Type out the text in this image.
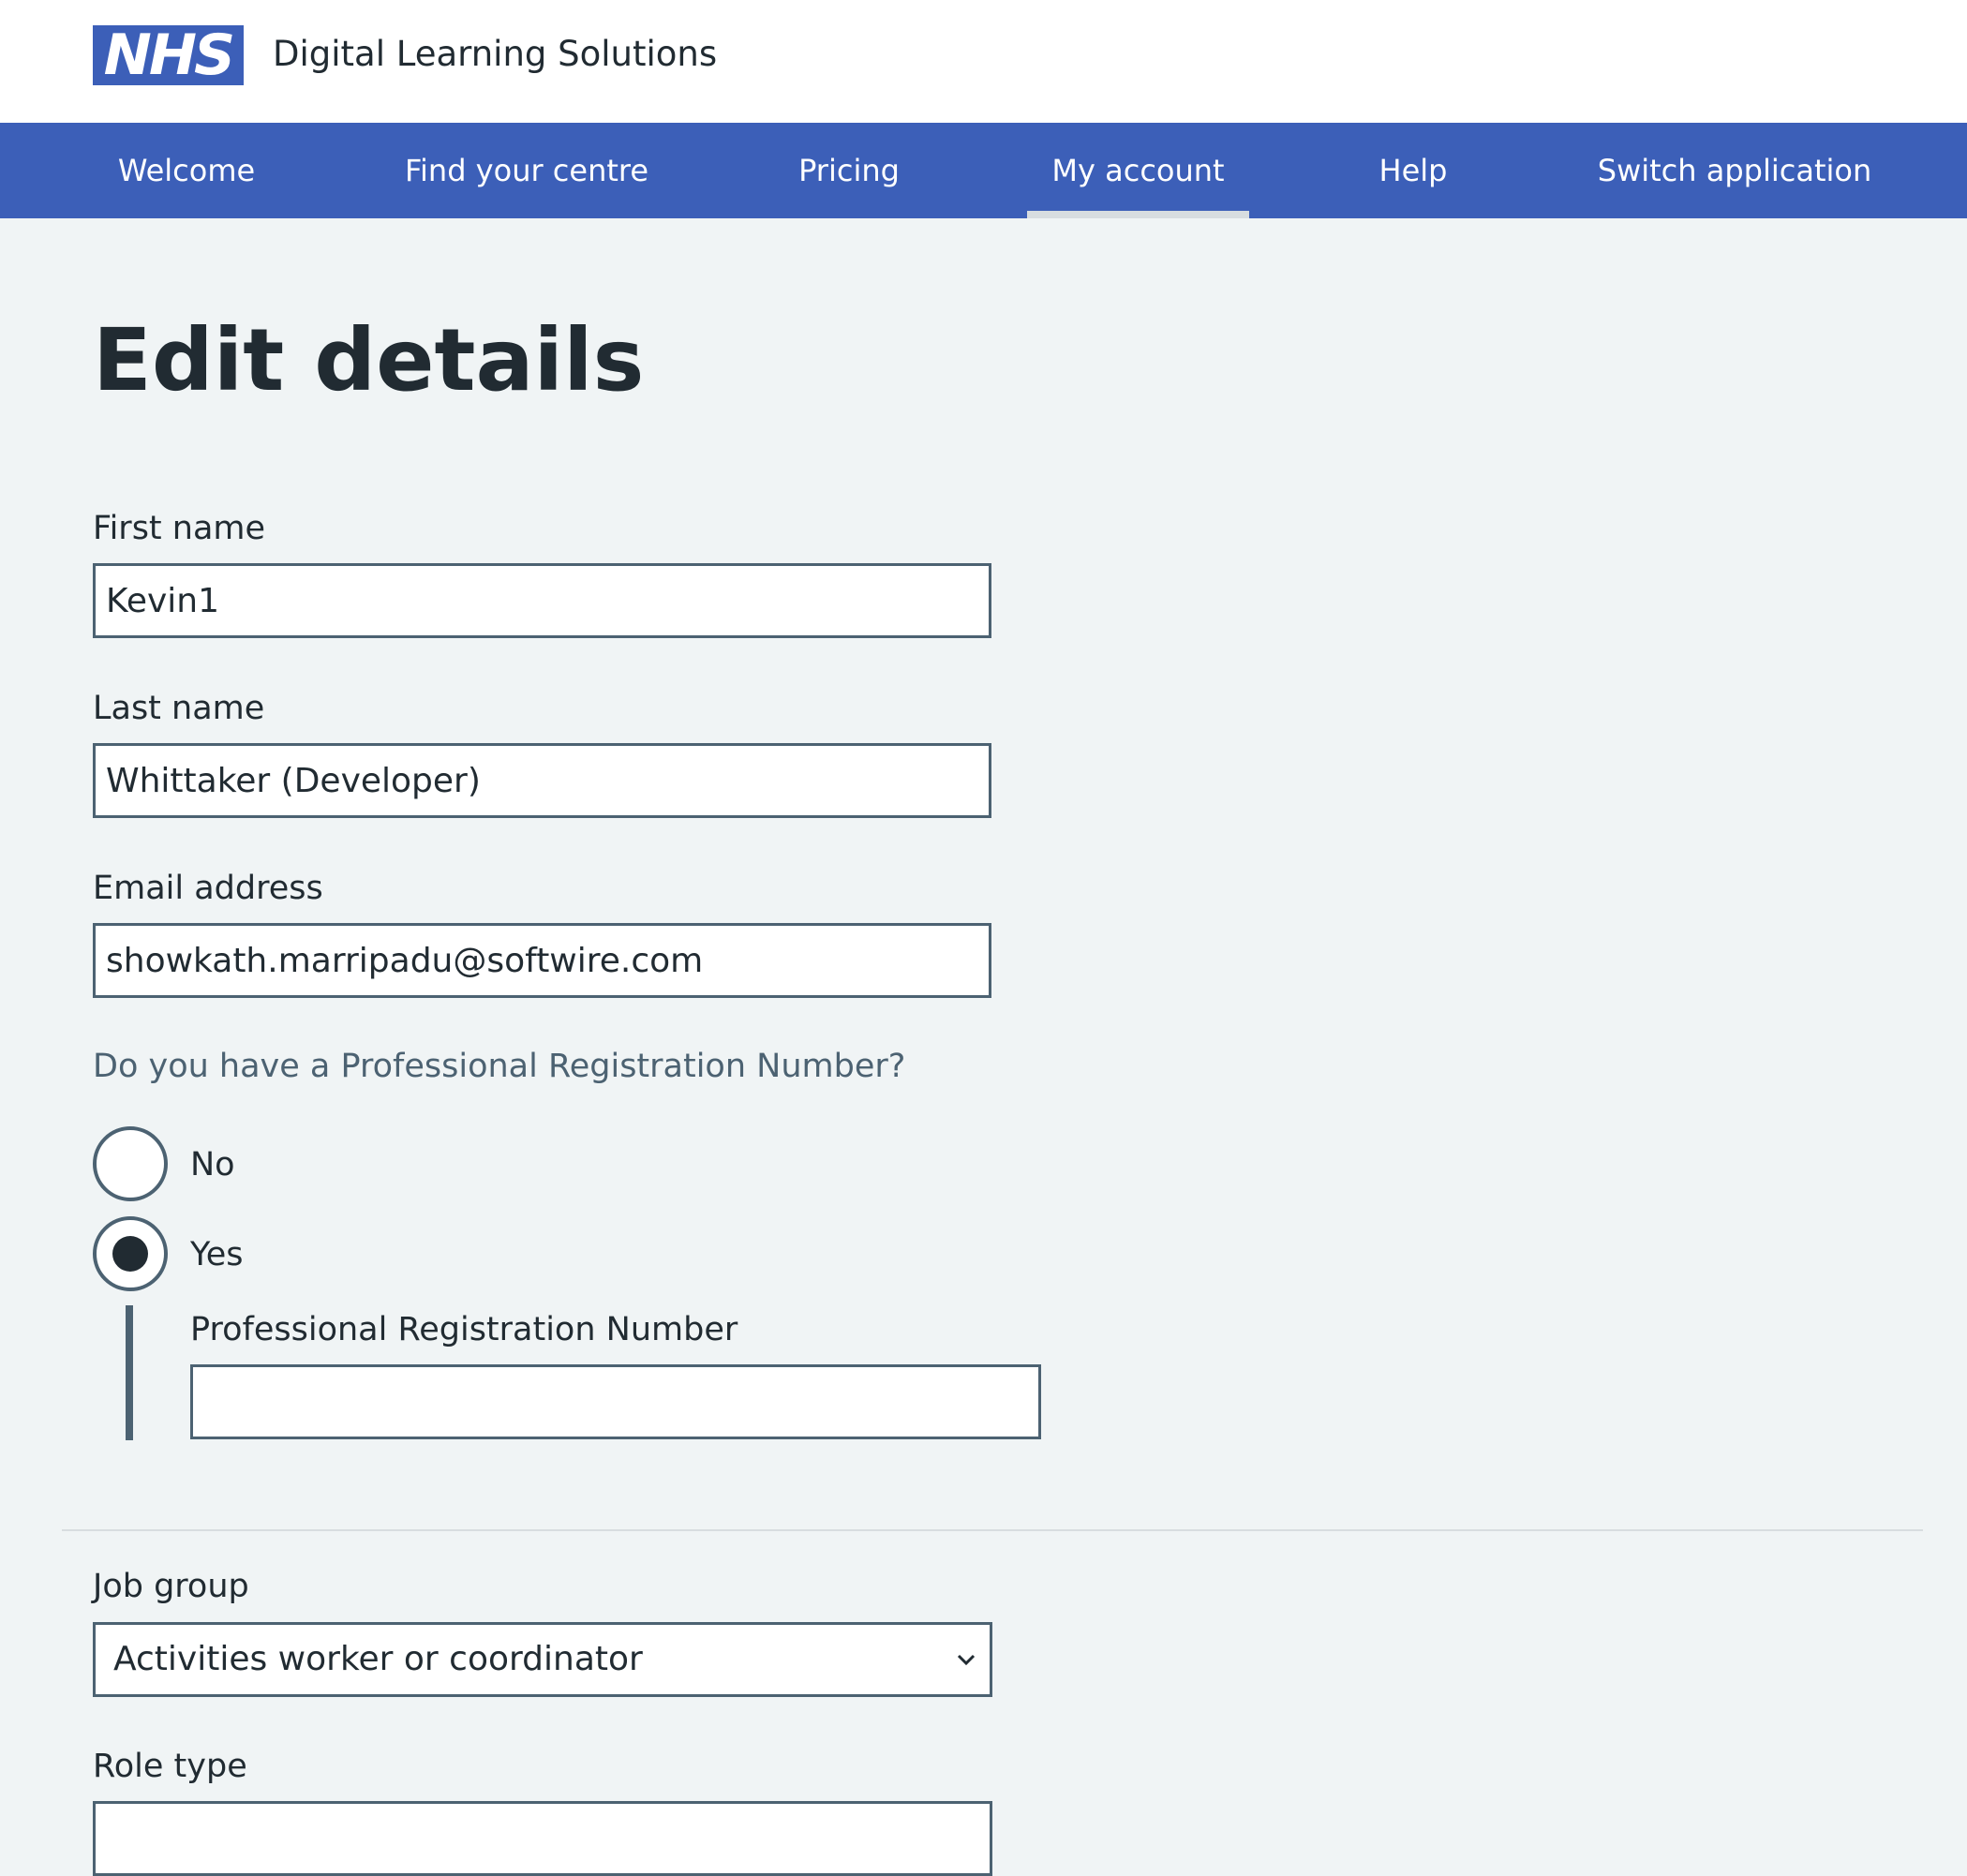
NHS Digital Learning Solutions
Welcome	Find your centre	Pricing	My account	Help	Switch application
Edit details
First name
Kevin1
Last name
Whittaker (Developer)
Email address
showkath.marripadu@softwire.com
Do you have a Professional Registration Number?
No
Yes
Professional Registration Number
Job group
Activities worker or coordinator
Role type
